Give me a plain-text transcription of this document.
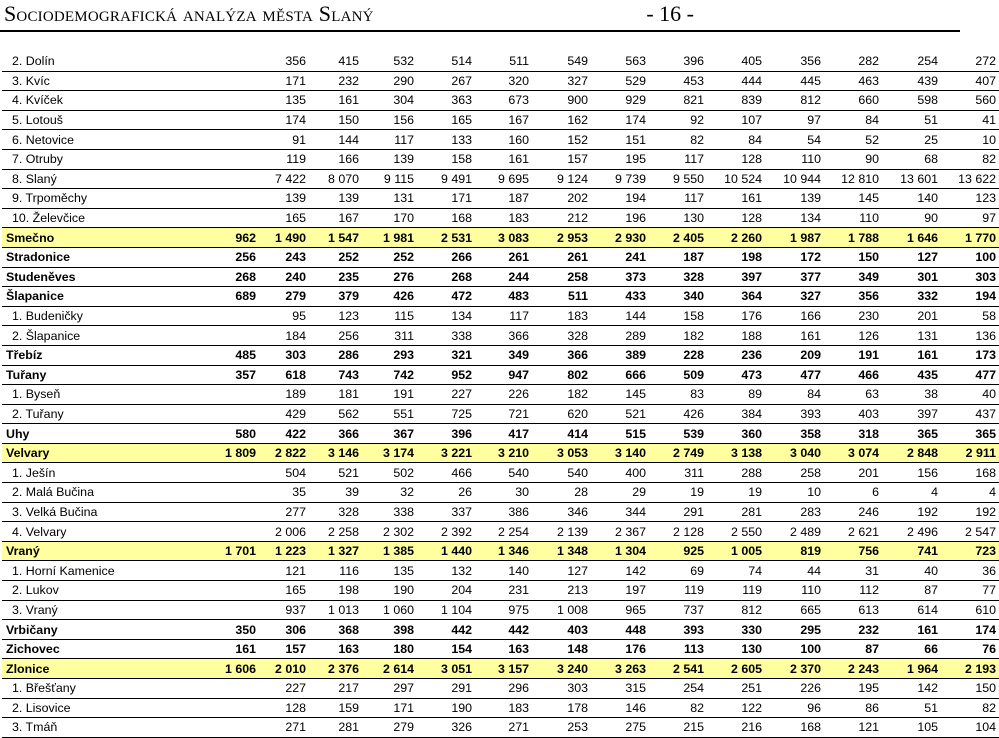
Sociodemografická analýza města Slaný	- 16 -
2. Dolín		356	415	532	514	511	549	563	396	405	356	282	254	272
3. Kvíc		171	232	290	267	320	327	529	453	444	445	463	439	407
4. Kvíček		135	161	304	363	673	900	929	821	839	812	660	598	560
5. Lotouš		174	150	156	165	167	162	174	92	107	97	84	51	41
6. Netovice		91	144	117	133	160	152	151	82	84	54	52	25	10
7. Otruby		119	166	139	158	161	157	195	117	128	110	90	68	82
8. Slaný		7 422	8 070	9 115	9 491	9 695	9 124	9 739	9 550	10 524	10 944	12 810	13 601	13 622
9. Trpoměchy		139	139	131	171	187	202	194	117	161	139	145	140	123
10. Želevčice		165	167	170	168	183	212	196	130	128	134	110	90	97
Smečno	962	1 490	1 547	1 981	2 531	3 083	2 953	2 930	2 405	2 260	1 987	1 788	1 646	1 770
Stradonice	256	243	252	252	266	261	261	241	187	198	172	150	127	100
Studeněves	268	240	235	276	268	244	258	373	328	397	377	349	301	303
Šlapanice	689	279	379	426	472	483	511	433	340	364	327	356	332	194
1. Budeničky		95	123	115	134	117	183	144	158	176	166	230	201	58
2. Šlapanice		184	256	311	338	366	328	289	182	188	161	126	131	136
Třebíz	485	303	286	293	321	349	366	389	228	236	209	191	161	173
Tuřany	357	618	743	742	952	947	802	666	509	473	477	466	435	477
1. Byseň		189	181	191	227	226	182	145	83	89	84	63	38	40
2. Tuřany		429	562	551	725	721	620	521	426	384	393	403	397	437
Uhy	580	422	366	367	396	417	414	515	539	360	358	318	365	365
Velvary	1 809	2 822	3 146	3 174	3 221	3 210	3 053	3 140	2 749	3 138	3 040	3 074	2 848	2 911
1. Ješín		504	521	502	466	540	540	400	311	288	258	201	156	168
2. Malá Bučina		35	39	32	26	30	28	29	19	19	10	6	4	4
3. Velká Bučina		277	328	338	337	386	346	344	291	281	283	246	192	192
4. Velvary		2 006	2 258	2 302	2 392	2 254	2 139	2 367	2 128	2 550	2 489	2 621	2 496	2 547
Vraný	1 701	1 223	1 327	1 385	1 440	1 346	1 348	1 304	925	1 005	819	756	741	723
1. Horní Kamenice		121	116	135	132	140	127	142	69	74	44	31	40	36
2. Lukov		165	198	190	204	231	213	197	119	119	110	112	87	77
3. Vraný		937	1 013	1 060	1 104	975	1 008	965	737	812	665	613	614	610
Vrbičany	350	306	368	398	442	442	403	448	393	330	295	232	161	174
Zichovec	161	157	163	180	154	163	148	176	113	130	100	87	66	76
Zlonice	1 606	2 010	2 376	2 614	3 051	3 157	3 240	3 263	2 541	2 605	2 370	2 243	1 964	2 193
1. Břešťany		227	217	297	291	296	303	315	254	251	226	195	142	150
2. Lisovice		128	159	171	190	183	178	146	82	122	96	86	51	82
3. Tmáň		271	281	279	326	271	253	275	215	216	168	121	105	104
